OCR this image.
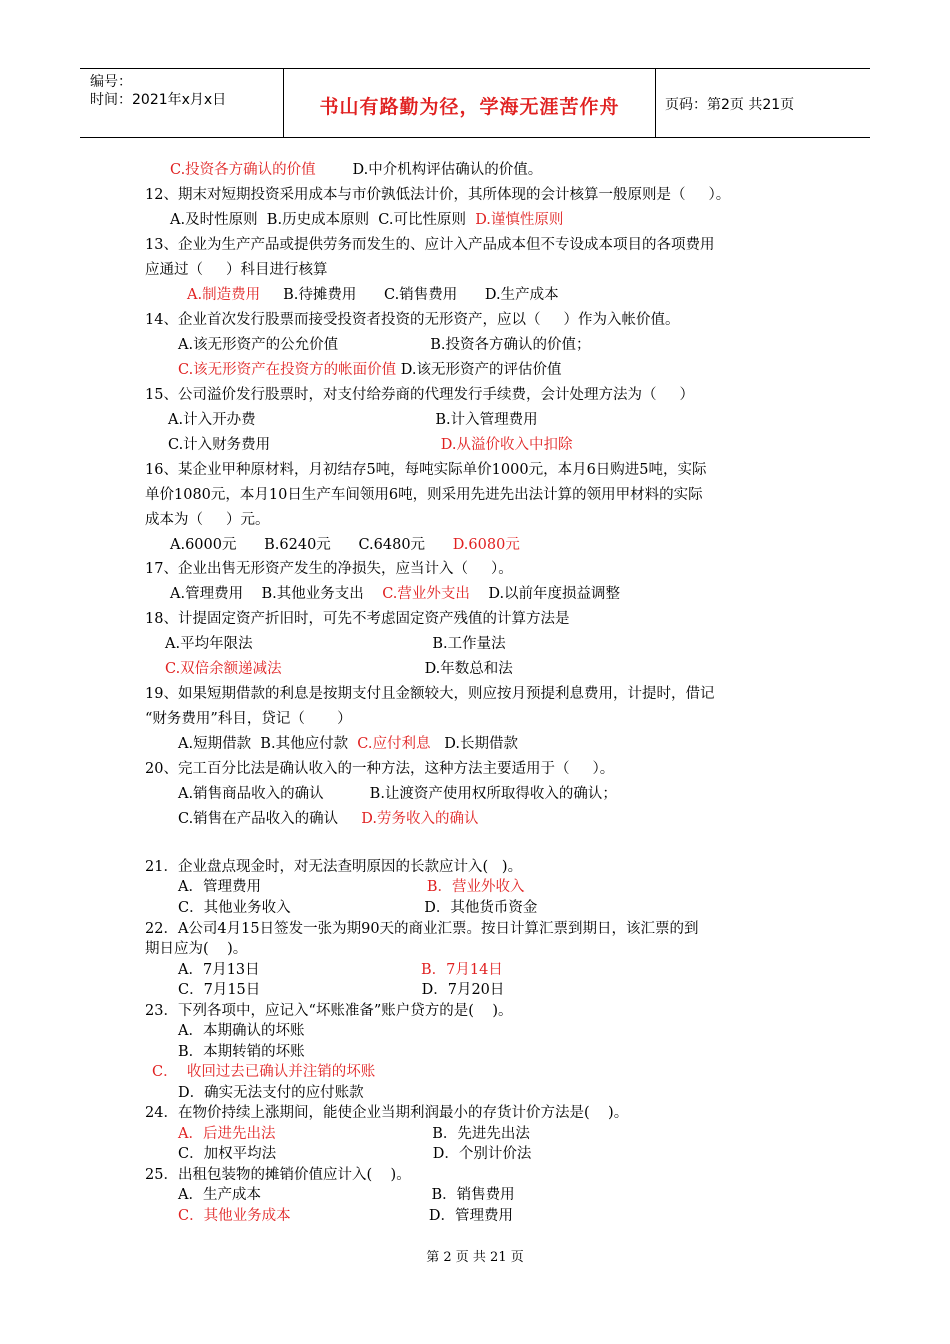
编号：
时间：2021年x月x日	书山有路勤为径，学海无涯苦作舟	页码：第2页 共21页
C.投资各方确认的价值        D.中介机构评估确认的价值。
12、期末对短期投资采用成本与市价孰低法计价，其所体现的会计核算一般原则是（     ）。
A.及时性原则  B.历史成本原则  C.可比性原则  D.谨慎性原则
13、企业为生产产品或提供劳务而发生的、应计入产品成本但不专设成本项目的各项费用
应通过（     ）科目进行核算
A.制造费用     B.待摊费用      C.销售费用      D.生产成本
14、企业首次发行股票而接受投资者投资的无形资产，应以（     ）作为入帐价值。
A.该无形资产的公允价值                    B.投资各方确认的价值；
C.该无形资产在投资方的帐面价值 D.该无形资产的评估价值
15、公司溢价发行股票时，对支付给券商的代理发行手续费，会计处理方法为（     ）
A.计入开办费                                       B.计入管理费用
C.计入财务费用                                     D.从溢价收入中扣除
16、某企业甲种原材料，月初结存5吨，每吨实际单价1000元，本月6日购进5吨，实际
单价1080元，本月10日生产车间领用6吨，则采用先进先出法计算的领用甲材料的实际
成本为（     ）元。
A.6000元      B.6240元      C.6480元      D.6080元
17、企业出售无形资产发生的净损失，应当计入（     ）。
A.管理费用    B.其他业务支出    C.营业外支出    D.以前年度损益调整
18、计提固定资产折旧时，可先不考虑固定资产残值的计算方法是
A.平均年限法                                       B.工作量法
C.双倍余额递减法                               D.年数总和法
19、如果短期借款的利息是按期支付且金额较大，则应按月预提利息费用，计提时，借记
“财务费用”科目，贷记（       ）
A.短期借款  B.其他应付款  C.应付利息   D.长期借款
20、完工百分比法是确认收入的一种方法，这种方法主要适用于（     ）。
A.销售商品收入的确认          B.让渡资产使用权所取得收入的确认；
C.销售在产品收入的确认     D.劳务收入的确认
21．企业盘点现金时，对无法查明原因的长款应计入(   )。
A．管理费用                                    B．营业外收入
C．其他业务收入                             D．其他货币资金
22．A公司4月15日签发一张为期90天的商业汇票。按日计算汇票到期日，该汇票的到
期日应为(    )。
A．7月13日                                   B．7月14日
C．7月15日                                   D．7月20日
23．下列各项中，应记入“坏账准备”账户贷方的是(    )。
A．本期确认的坏账
B．本期转销的坏账
C．  收回过去已确认并注销的坏账
D．确实无法支付的应付账款
24．在物价持续上涨期间，能使企业当期利润最小的存货计价方法是(    )。
A．后进先出法                                  B．先进先出法
C．加权平均法                                  D．个别计价法
25．出租包装物的摊销价值应计入(    )。
A．生产成本                                     B．销售费用
C．其他业务成本                              D．管理费用
第 2 页 共 21 页
